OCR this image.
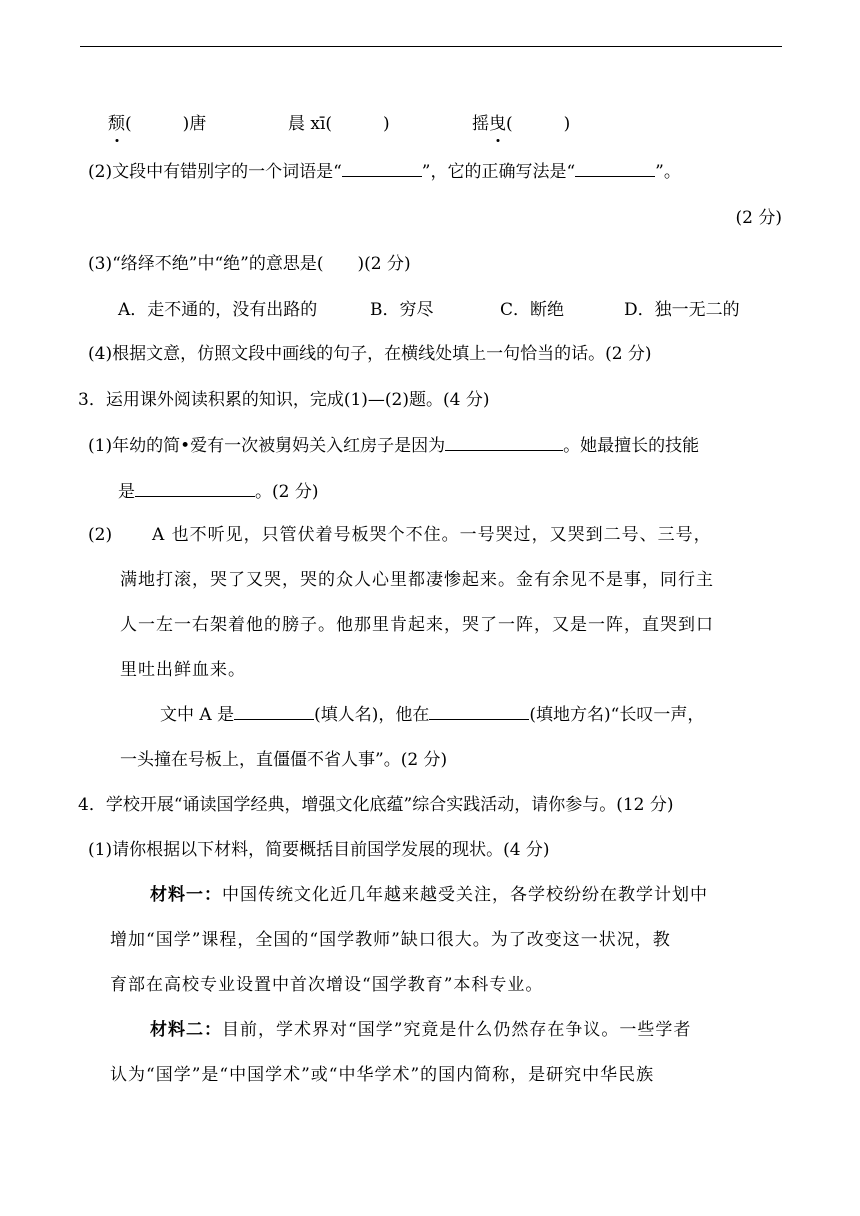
颓(　　　)唐	晨 xī(　　　)	摇曳(　　　)
(2)文段中有错别字的一个词语是“	”，它的正确写法是“	”。
(2 分)
(3)“络绎不绝”中“绝”的意思是(　　)(2 分)
A．走不通的，没有出路的	B．穷尽	C．断绝	D．独一无二的
(4)根据文意，仿照文段中画线的句子，在横线处填上一句恰当的话。(2 分)
3．运用课外阅读积累的知识，完成(1)—(2)题。(4 分)
(1)年幼的简•爱有一次被舅妈关入红房子是因为	。她最擅长的技能
是	。(2 分)
(2) A 也不听见，只管伏着号板哭个不住。一号哭过，又哭到二号、三号，
满地打滚，哭了又哭，哭的众人心里都凄惨起来。金有余见不是事，同行主
人一左一右架着他的膀子。他那里肯起来，哭了一阵，又是一阵，直哭到口
里吐出鲜血来。
文中 A 是	(填人名)，他在	(填地方名)“长叹一声，
一头撞在号板上，直僵僵不省人事”。(2 分)
4．学校开展“诵读国学经典，增强文化底蕴”综合实践活动，请你参与。(12 分)
(1)请你根据以下材料，简要概括目前国学发展的现状。(4 分)
材料一：中国传统文化近几年越来越受关注，各学校纷纷在教学计划中
增加“国学”课程，全国的“国学教师”缺口很大。为了改变这一状况，教
育部在高校专业设置中首次增设“国学教育”本科专业。
材料二：目前，学术界对“国学”究竟是什么仍然存在争议。一些学者
认为“国学”是“中国学术”或“中华学术”的国内简称，是研究中华民族
